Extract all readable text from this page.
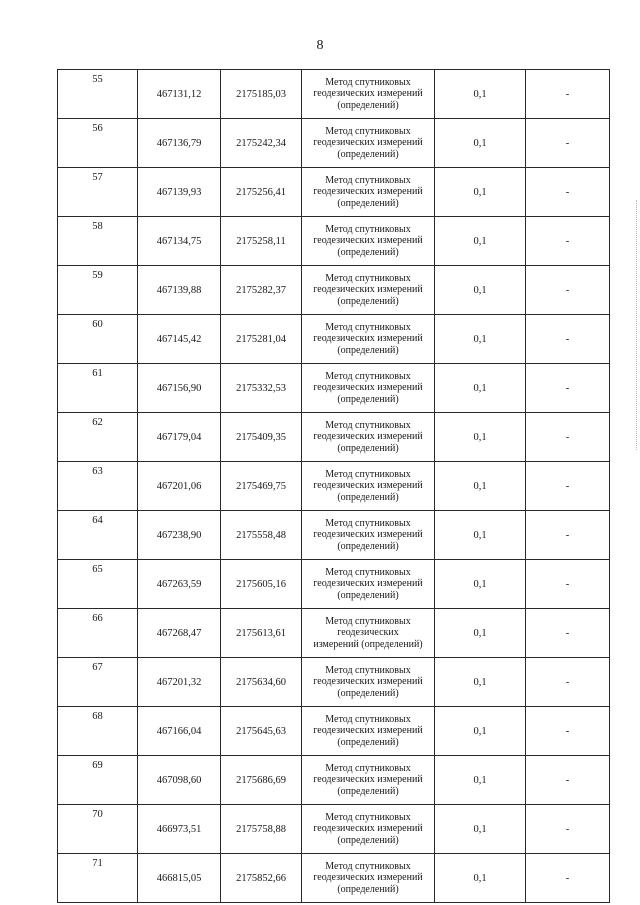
8
55	467131,12	2175185,03	Метод спутниковых
геодезических измерений
(определений)	0,1	-
56	467136,79	2175242,34	Метод спутниковых
геодезических измерений
(определений)	0,1	-
57	467139,93	2175256,41	Метод спутниковых
геодезических измерений
(определений)	0,1	-
58	467134,75	2175258,11	Метод спутниковых
геодезических измерений
(определений)	0,1	-
59	467139,88	2175282,37	Метод спутниковых
геодезических измерений
(определений)	0,1	-
60	467145,42	2175281,04	Метод спутниковых
геодезических измерений
(определений)	0,1	-
61	467156,90	2175332,53	Метод спутниковых
геодезических измерений
(определений)	0,1	-
62	467179,04	2175409,35	Метод спутниковых
геодезических измерений
(определений)	0,1	-
63	467201,06	2175469,75	Метод спутниковых
геодезических измерений
(определений)	0,1	-
64	467238,90	2175558,48	Метод спутниковых
геодезических измерений
(определений)	0,1	-
65	467263,59	2175605,16	Метод спутниковых
геодезических измерений
(определений)	0,1	-
66	467268,47	2175613,61	Метод спутниковых
геодезических
измерений (определений)	0,1	-
67	467201,32	2175634,60	Метод спутниковых
геодезических измерений
(определений)	0,1	-
68	467166,04	2175645,63	Метод спутниковых
геодезических измерений
(определений)	0,1	-
69	467098,60	2175686,69	Метод спутниковых
геодезических измерений
(определений)	0,1	-
70	466973,51	2175758,88	Метод спутниковых
геодезических измерений
(определений)	0,1	-
71	466815,05	2175852,66	Метод спутниковых
геодезических измерений
(определений)	0,1	-
